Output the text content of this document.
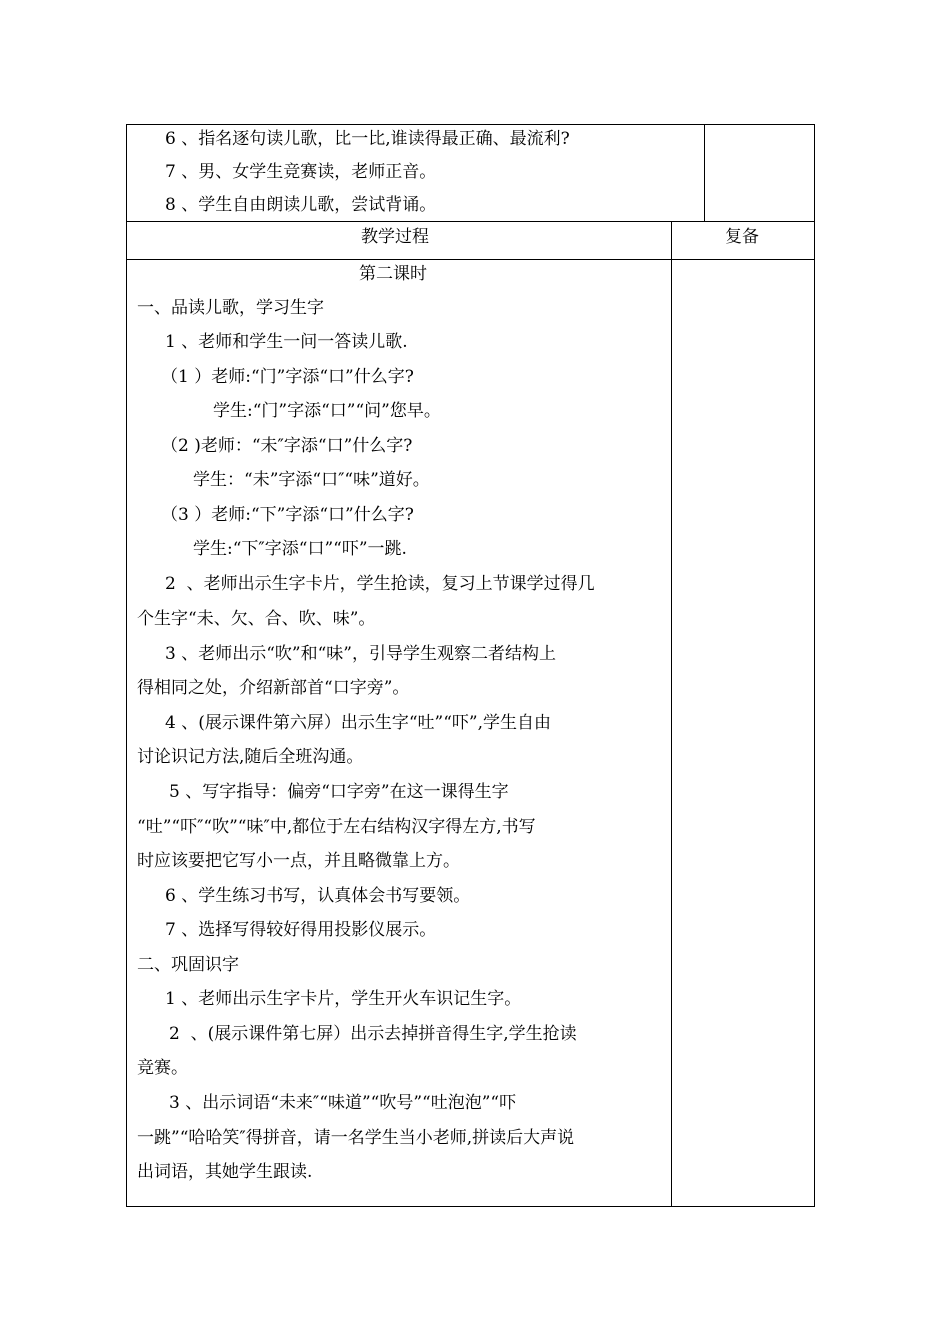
6 、指名逐句读儿歌，比一比,谁读得最正确、最流利?
7 、男、女学生竞赛读，老师正音。
8 、学生自由朗读儿歌，尝试背诵。
教学过程	复备
第二课时
一、品读儿歌，学习生字
1 、老师和学生一问一答读儿歌.
（1 ）老师:“门”字添“口”什么字?
学生:“门”字添“口”“问”您早。
（2 )老师：“未″字添“口”什么字?
学生：“未”字添“口″“味”道好。
（3 ）老师:“下”字添“口”什么字?
学生:“下″字添“口”“吓”一跳.
2  、老师出示生字卡片，学生抢读，复习上节课学过得几
个生字“未、欠、合、吹、味”。
3 、老师出示“吹”和“味”，引导学生观察二者结构上
得相同之处，介绍新部首“口字旁”。
4 、(展示课件第六屏）出示生字“吐”“吓”,学生自由
讨论识记方法,随后全班沟通。
5 、写字指导：偏旁“口字旁”在这一课得生字
“吐”“吓″“吹”“味″中,都位于左右结构汉字得左方,书写
时应该要把它写小一点，并且略微靠上方。
6 、学生练习书写，认真体会书写要领。
7 、选择写得较好得用投影仪展示。
二、巩固识字
1 、老师出示生字卡片，学生开火车识记生字。
2  、(展示课件第七屏）出示去掉拼音得生字,学生抢读
竞赛。
3 、出示词语“未来″“味道”“吹号”“吐泡泡”“吓
一跳”“哈哈笑″得拼音，请一名学生当小老师,拼读后大声说
出词语，其她学生跟读.
